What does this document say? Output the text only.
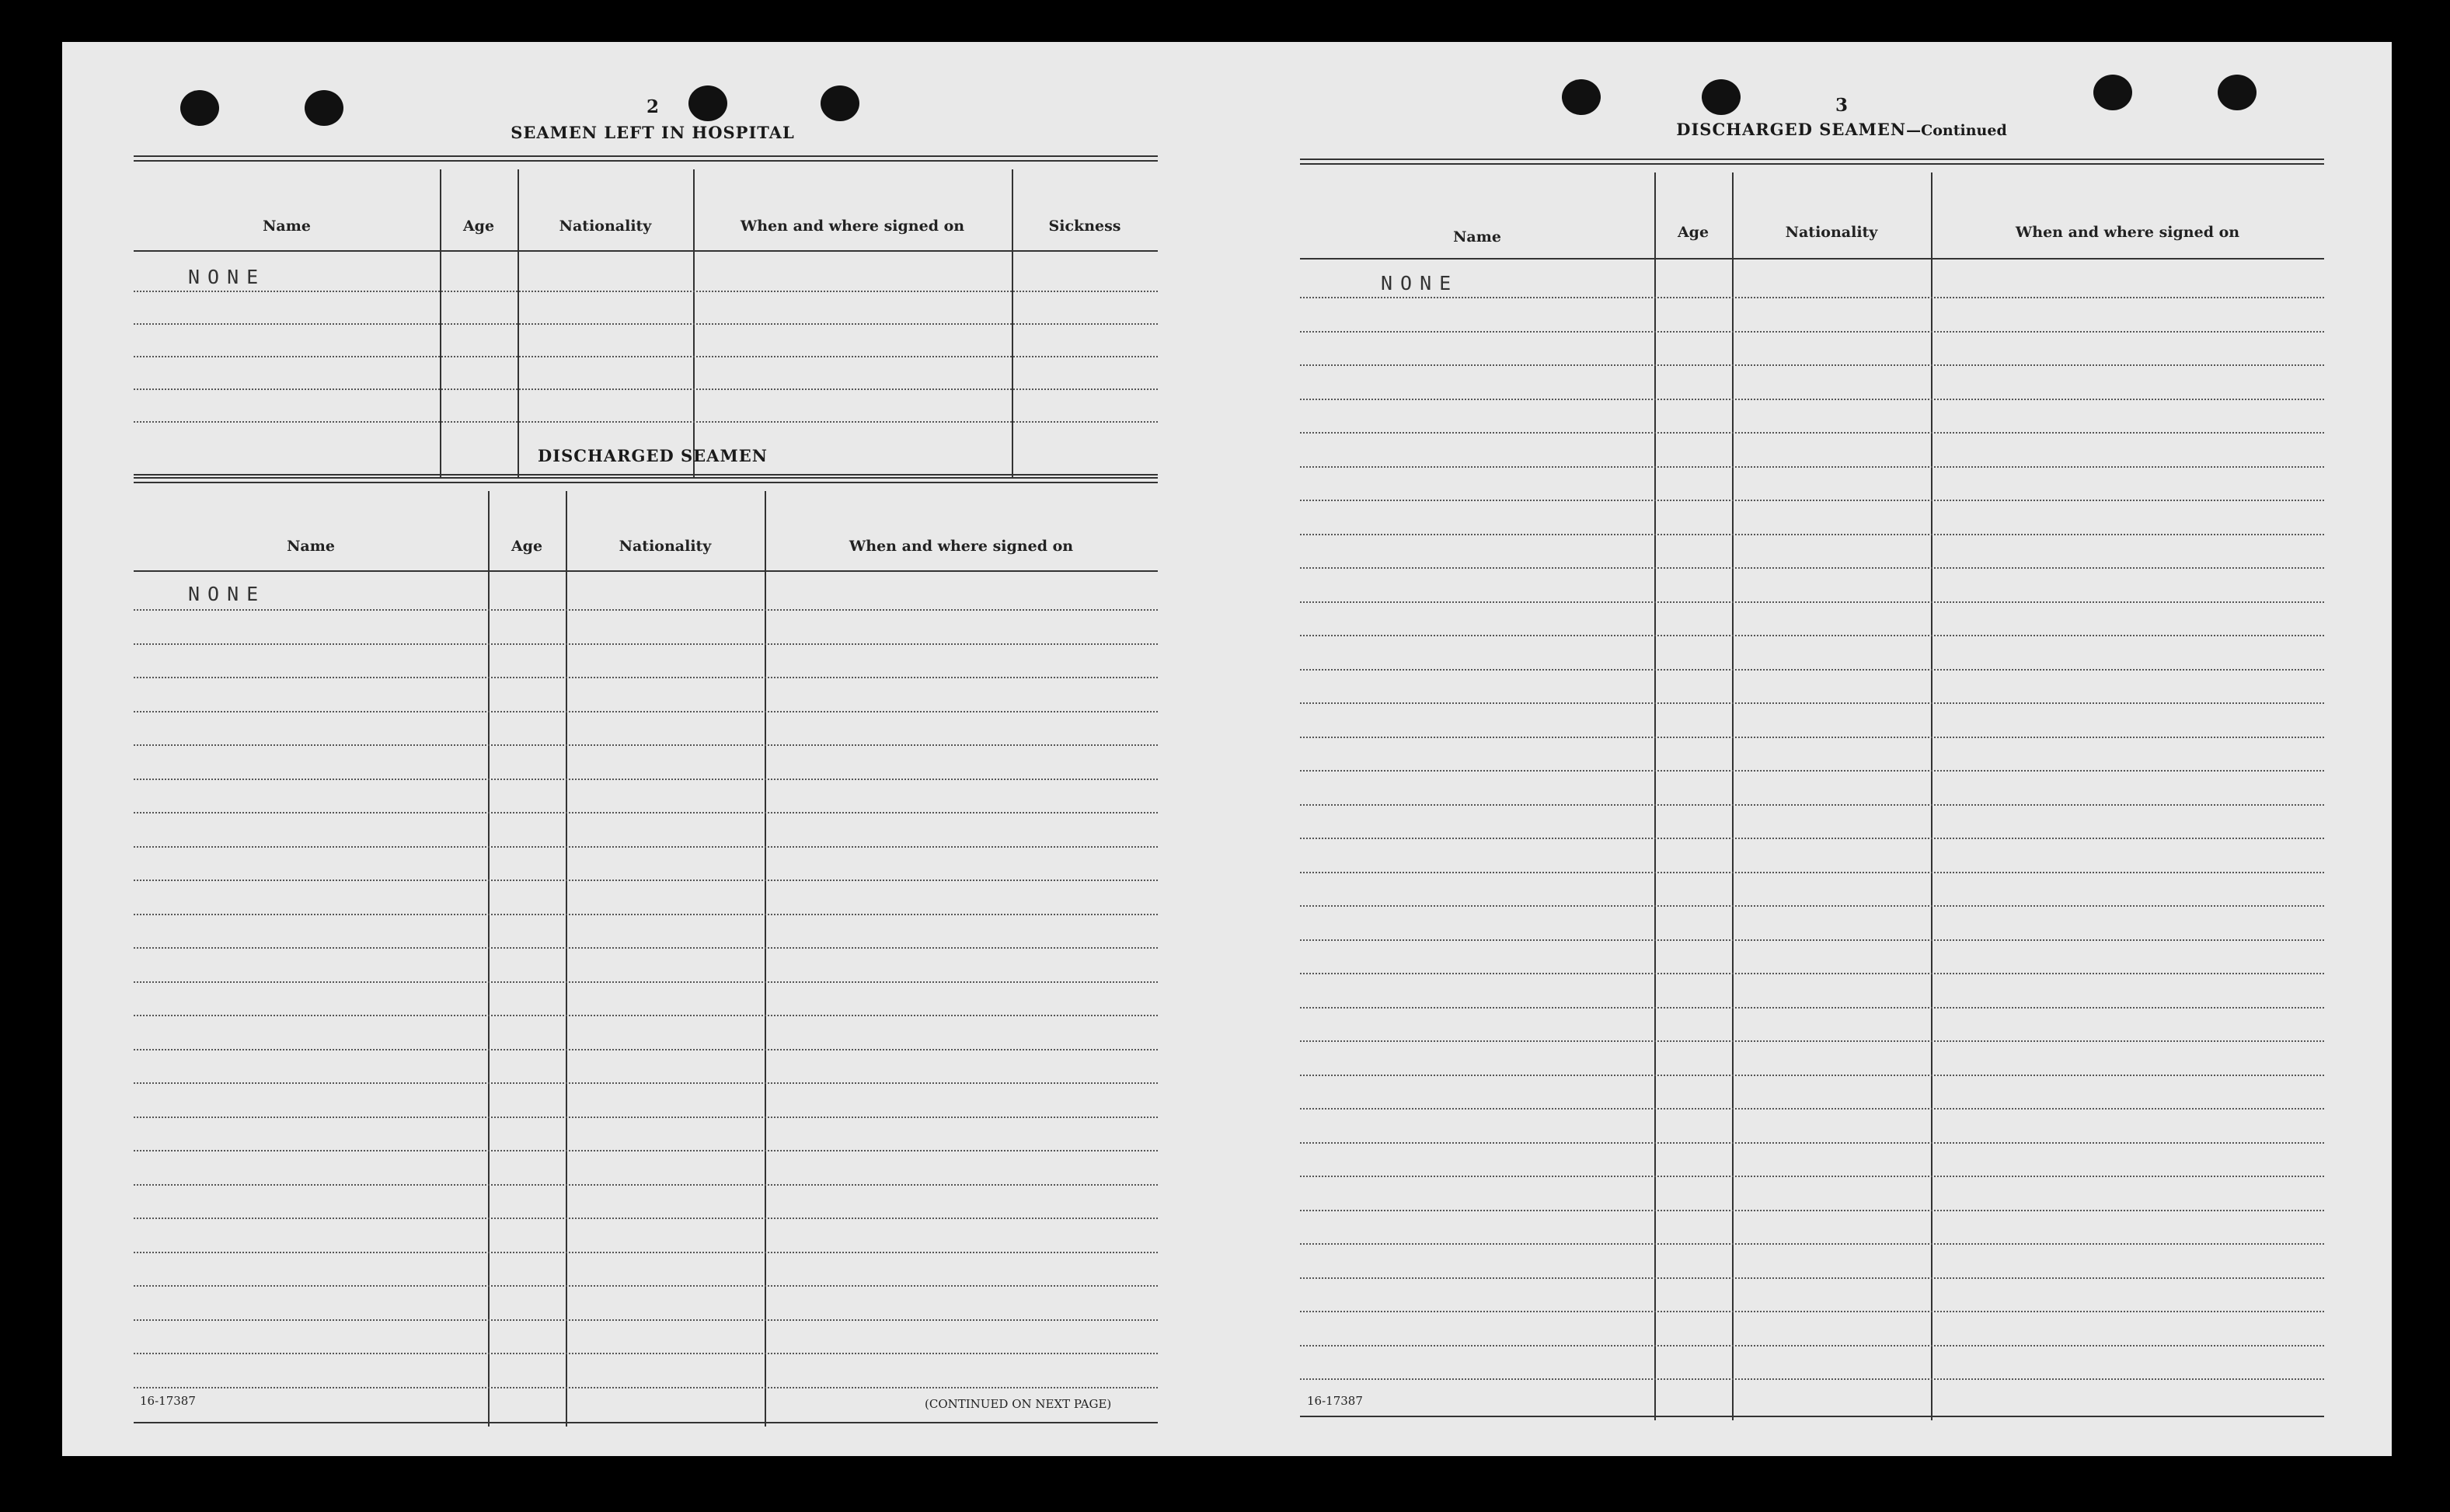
2
SEAMEN LEFT IN HOSPITAL
Name	Age	Nationality	When and where signed on	Sickness
NONE
DISCHARGED SEAMEN
Name	Age	Nationality	When and where signed on
NONE
16-17387	(CONTINUED ON NEXT PAGE)
3
DISCHARGED SEAMEN—Continued
Name	Age	Nationality	When and where signed on
NONE
16-17387
